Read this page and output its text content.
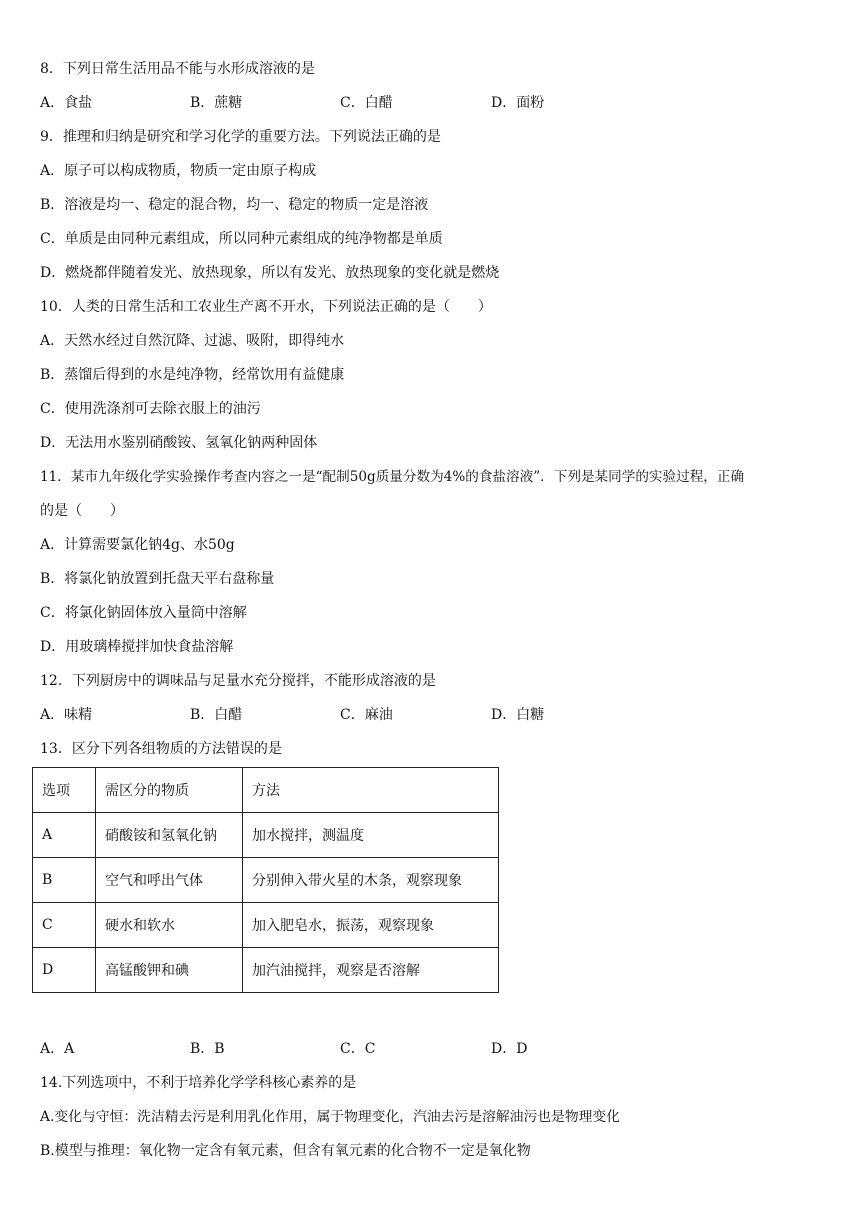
8．下列日常生活用品不能与水形成溶液的是
A．食盐	B．蔗糖	C．白醋	D．面粉
9．推理和归纳是研究和学习化学的重要方法。下列说法正确的是
A．原子可以构成物质，物质一定由原子构成
B．溶液是均一、稳定的混合物，均一、稳定的物质一定是溶液
C．单质是由同种元素组成，所以同种元素组成的纯净物都是单质
D．燃烧都伴随着发光、放热现象，所以有发光、放热现象的变化就是燃烧
10．人类的日常生活和工农业生产离不开水，下列说法正确的是（　　）
A．天然水经过自然沉降、过滤、吸附，即得纯水
B．蒸馏后得到的水是纯净物，经常饮用有益健康
C．使用洗涤剂可去除衣服上的油污
D．无法用水鉴别硝酸铵、氢氧化钠两种固体
11．某市九年级化学实验操作考查内容之一是“配制50g质量分数为4%的食盐溶液”．下列是某同学的实验过程，正确
的是（　　）
A．计算需要氯化钠4g、水50g
B．将氯化钠放置到托盘天平右盘称量
C．将氯化钠固体放入量筒中溶解
D．用玻璃棒搅拌加快食盐溶解
12．下列厨房中的调味品与足量水充分搅拌，不能形成溶液的是
A．味精	B．白醋	C．麻油	D．白糖
13．区分下列各组物质的方法错误的是
选项	需区分的物质	方法
A	硝酸铵和氢氧化钠	加水搅拌，测温度
B	空气和呼出气体	分别伸入带火星的木条，观察现象
C	硬水和软水	加入肥皂水，振荡，观察现象
D	高锰酸钾和碘	加汽油搅拌，观察是否溶解
A．A	B．B	C．C	D．D
14.下列选项中，不利于培养化学学科核心素养的是
A.变化与守恒：洗洁精去污是利用乳化作用，属于物理变化，汽油去污是溶解油污也是物理变化
B.模型与推理：氧化物一定含有氧元素，但含有氧元素的化合物不一定是氧化物
